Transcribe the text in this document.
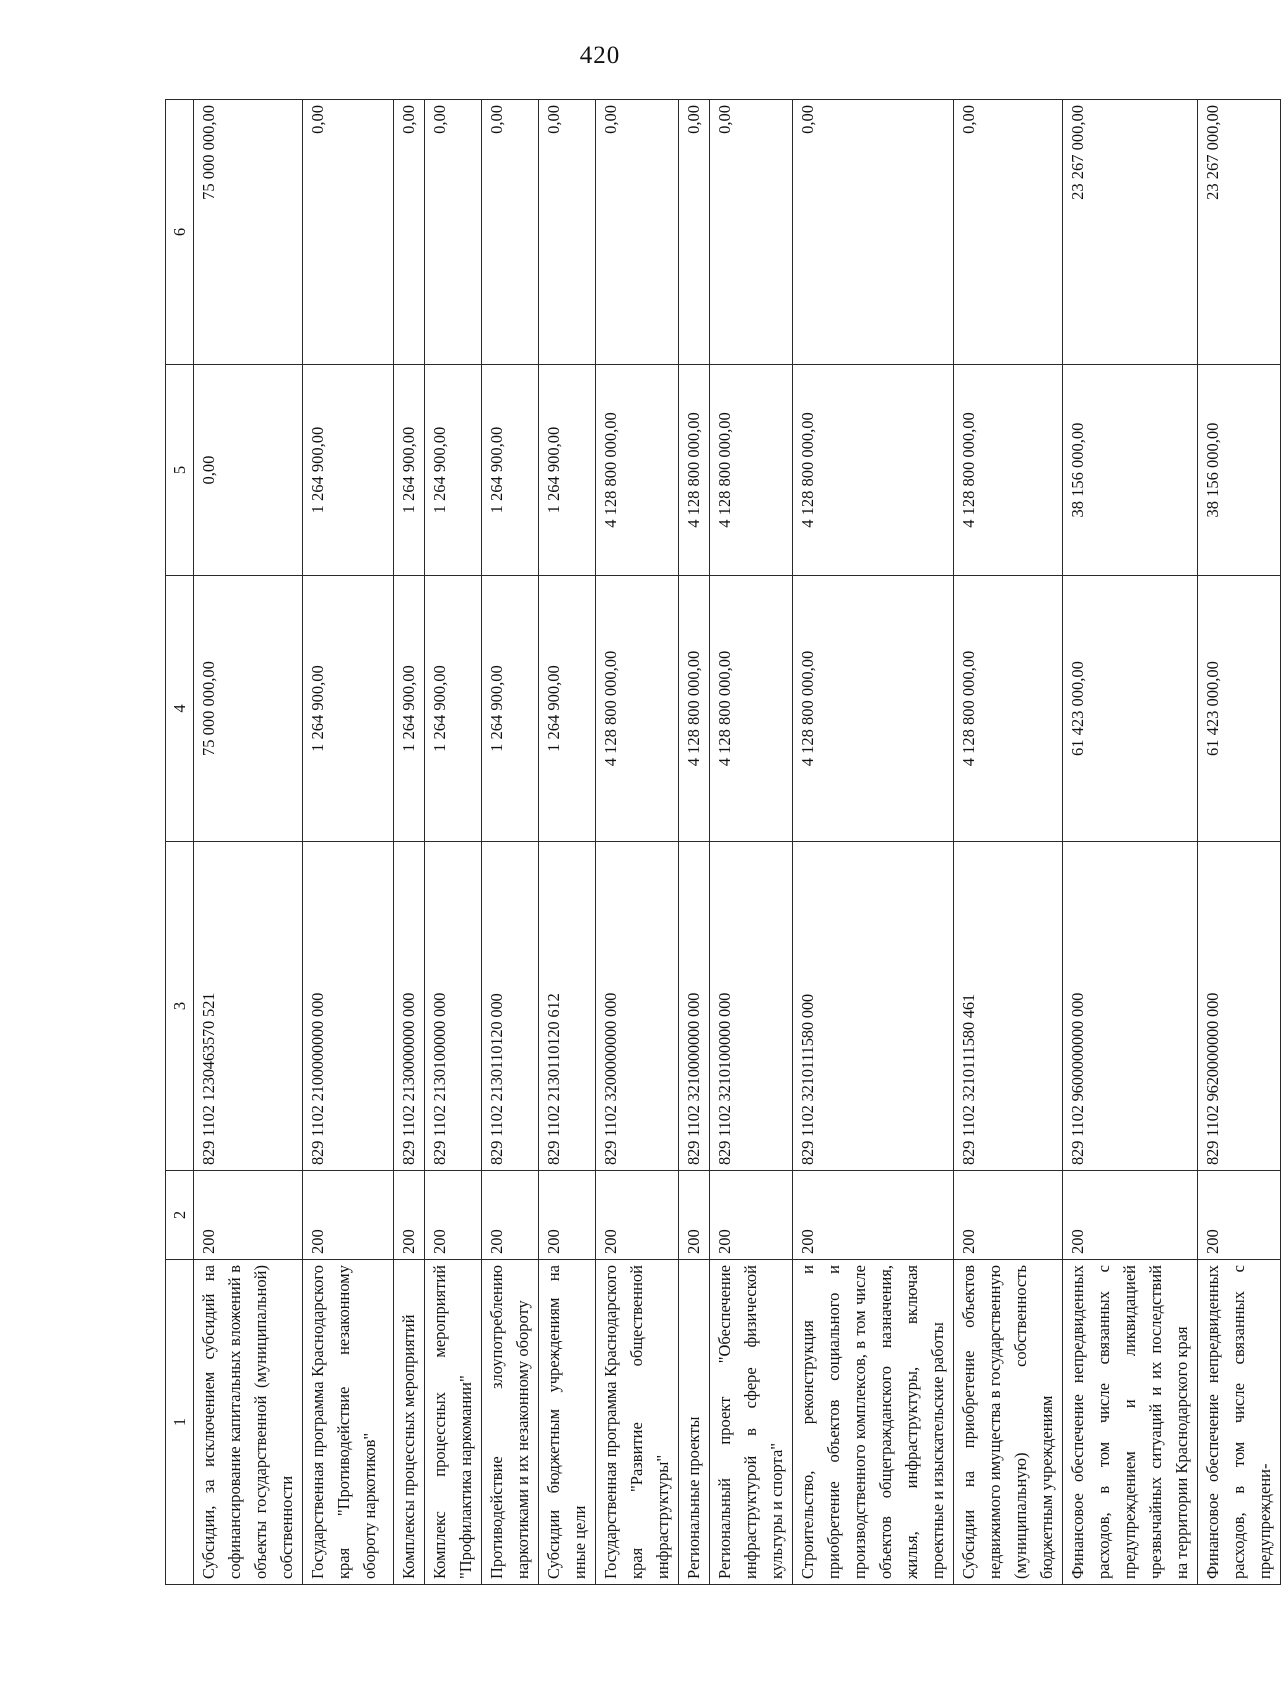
420
1	2	3	4	5	6
Субсидии, за исключением субсидий на софинансирование капитальных вложений в объекты государственной (муниципальной) собственности	200	829 1102 1230463570 521	75 000 000,00	0,00	75 000 000,00
Государственная программа Краснодарского края "Противодействие незаконному обороту наркотиков"	200	829 1102 2100000000 000	1 264 900,00	1 264 900,00	0,00
Комплексы процессных мероприятий	200	829 1102 2130000000 000	1 264 900,00	1 264 900,00	0,00
Комплекс процессных мероприятий "Профилактика наркомании"	200	829 1102 2130100000 000	1 264 900,00	1 264 900,00	0,00
Противодействие злоупотреблению наркотиками и их незаконному обороту	200	829 1102 2130110120 000	1 264 900,00	1 264 900,00	0,00
Субсидии бюджетным учреждениям на иные цели	200	829 1102 2130110120 612	1 264 900,00	1 264 900,00	0,00
Государственная программа Краснодарского края "Развитие общественной инфраструктуры"	200	829 1102 3200000000 000	4 128 800 000,00	4 128 800 000,00	0,00
Региональные проекты	200	829 1102 3210000000 000	4 128 800 000,00	4 128 800 000,00	0,00
Региональный проект "Обеспечение инфраструктурой в сфере физической культуры и спорта"	200	829 1102 3210100000 000	4 128 800 000,00	4 128 800 000,00	0,00
Строительство, реконструкция и приобретение объектов социального и производственного комплексов, в том числе объектов общегражданского назначения, жилья, инфраструктуры, включая проектные и изыскательские работы	200	829 1102 3210111580 000	4 128 800 000,00	4 128 800 000,00	0,00
Субсидии на приобретение объектов недвижимого имущества в государственную (муниципальную) собственность бюджетным учреждениям	200	829 1102 3210111580 461	4 128 800 000,00	4 128 800 000,00	0,00
Финансовое обеспечение непредвиденных расходов, в том числе связанных с предупреждением и ликвидацией чрезвычайных ситуаций и их последствий на территории Краснодарского края	200	829 1102 9600000000 000	61 423 000,00	38 156 000,00	23 267 000,00
Финансовое обеспечение непредвиденных расходов, в том числе связанных с предупреждени-	200	829 1102 9620000000 000	61 423 000,00	38 156 000,00	23 267 000,00
